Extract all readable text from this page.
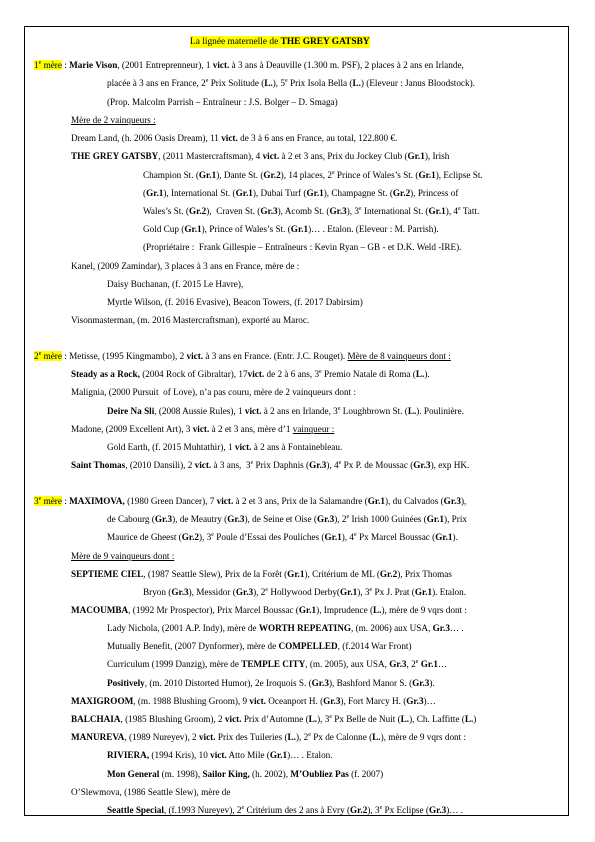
La lignée maternelle de THE GREY GATSBY
1e mère : Marie Vison, (2001 Entreprenneur), 1 vict. à 3 ans à Deauville (1.300 m. PSF), 2 places à 2 ans en Irlande,
placée à 3 ans en France, 2e Prix Solitude (L.), 5e Prix Isola Bella (L.) (Eleveur : Janus Bloodstock).
(Prop. Malcolm Parrish – Entraîneur : J.S. Bolger – D. Smaga)
Mère de 2 vainqueurs :
Dream Land, (h. 2006 Oasis Dream), 11 vict. de 3 à 6 ans en France, au total, 122.800 €.
THE GREY GATSBY, (2011 Mastercraftsman), 4 vict. à 2 et 3 ans, Prix du Jockey Club (Gr.1), Irish
Champion St. (Gr.1), Dante St. (Gr.2), 14 places, 2e Prince of Wales’s St. (Gr.1), Eclipse St.
(Gr.1), International St. (Gr.1), Dubai Turf (Gr.1), Champagne St. (Gr.2), Princess of
Wales’s St. (Gr.2),  Craven St. (Gr.3), Acomb St. (Gr.3), 3e International St. (Gr.1), 4e Tatt.
Gold Cup (Gr.1), Prince of Wales’s St. (Gr.1)… . Etalon. (Eleveur : M. Parrish).
(Propriétaire :  Frank Gillespie – Entraîneurs : Kevin Ryan – GB - et D.K. Weld -IRE).
Kanel, (2009 Zamindar), 3 places à 3 ans en France, mère de :
Daisy Buchanan, (f. 2015 Le Havre),
Myrtle Wilson, (f. 2016 Evasive), Beacon Towers, (f. 2017 Dabirsim)
Visonmasterman, (m. 2016 Mastercraftsman), exporté au Maroc.
2e mère : Metisse, (1995 Kingmambo), 2 vict. à 3 ans en France. (Entr. J.C. Rouget). Mère de 8 vainqueurs dont :
Steady as a Rock, (2004 Rock of Gibraltar), 17vict. de 2 à 6 ans, 3e Premio Natale di Roma (L.).
Malignia, (2000 Pursuit  of Love), n’a pas couru, mère de 2 vainqueurs dont :
Deire Na Sli, (2008 Aussie Rules), 1 vict. à 2 ans en Irlande, 3e Loughbrown St. (L.). Poulinière.
Madone, (2009 Excellent Art), 3 vict. à 2 et 3 ans, mère d’1 vainqueur :
Gold Earth, (f. 2015 Muhtathir), 1 vict. à 2 ans à Fontainebleau.
Saint Thomas, (2010 Dansili), 2 vict. à 3 ans,  3e Prix Daphnis (Gr.3), 4e Px P. de Moussac (Gr.3), exp HK.
3e mère : MAXIMOVA, (1980 Green Dancer), 7 vict. à 2 et 3 ans, Prix de la Salamandre (Gr.1), du Calvados (Gr.3),
de Cabourg (Gr.3), de Meautry (Gr.3), de Seine et Oise (Gr.3), 2e Irish 1000 Guinées (Gr.1), Prix
Maurice de Gheest (Gr.2), 3e Poule d’Essai des Pouliches (Gr.1), 4e Px Marcel Boussac (Gr.1).
Mère de 9 vainqueurs dont :
SEPTIEME CIEL, (1987 Seattle Slew), Prix de la Forêt (Gr.1), Critérium de ML (Gr.2), Prix Thomas
Bryon (Gr.3), Messidor (Gr.3), 2e Hollywood Derby(Gr.1), 3e Px J. Prat (Gr.1). Etalon.
MACOUMBA, (1992 Mr Prospector), Prix Marcel Boussac (Gr.1), Imprudence (L.), mère de 9 vqrs dont :
Lady Nichola, (2001 A.P. Indy), mère de WORTH REPEATING, (m. 2006) aux USA, Gr.3… .
Mutually Benefit, (2007 Dynformer), mère de COMPELLED, (f.2014 War Front)
Curriculum (1999 Danzig), mère de TEMPLE CITY, (m. 2005), aux USA, Gr.3, 2e Gr.1…
Positively, (m. 2010 Distorted Humor), 2e Iroquois S. (Gr.3), Bashford Manor S. (Gr.3).
MAXIGROOM, (m. 1988 Blushing Groom), 9 vict. Oceanport H. (Gr.3), Fort Marcy H. (Gr.3)…
BALCHAIA, (1985 Blushing Groom), 2 vict. Prix d’Automne (L.), 3e Px Belle de Nuit (L.), Ch. Laffitte (L.)
MANUREVA, (1989 Nureyev), 2 vict. Prix des Tuileries (L.), 2e Px de Calonne (L.), mère de 9 vqrs dont :
RIVIERA, (1994 Kris), 10 vict. Atto Mile (Gr.1)… . Etalon.
Mon General (m. 1998), Sailor King, (h. 2002), M’Oubliez Pas (f. 2007)
O’Slewmova, (1986 Seattle Slew), mère de
Seattle Special, (f.1993 Nureyev), 2e Critérium des 2 ans à Evry (Gr.2), 3e Px Eclipse (Gr.3)… .
